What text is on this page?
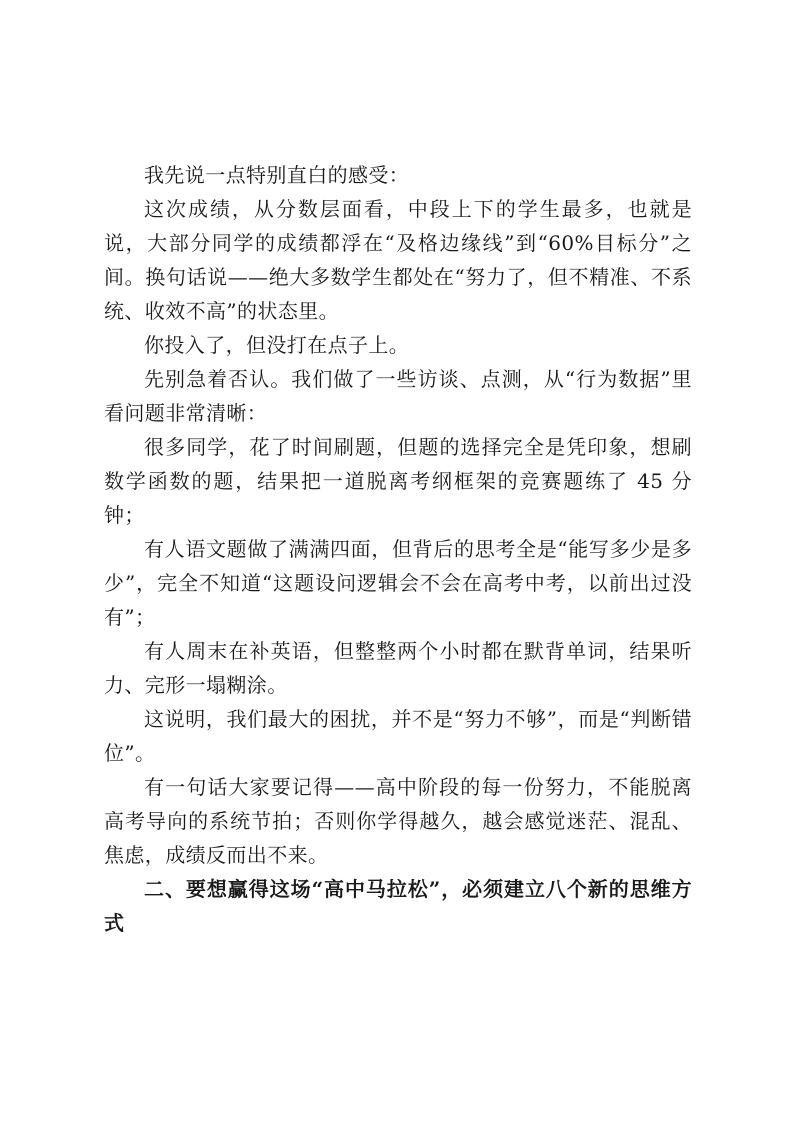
我先说一点特别直白的感受：

这次成绩，从分数层面看，中段上下的学生最多，也就是说，大部分同学的成绩都浮在“及格边缘线”到“60%目标分”之间。换句话说——绝大多数学生都处在“努力了，但不精准、不系统、收效不高”的状态里。

你投入了，但没打在点子上。

先别急着否认。我们做了一些访谈、点测，从“行为数据”里看问题非常清晰：

很多同学，花了时间刷题，但题的选择完全是凭印象，想刷数学函数的题，结果把一道脱离考纲框架的竞赛题练了 45 分钟；

有人语文题做了满满四面，但背后的思考全是“能写多少是多少”，完全不知道“这题设问逻辑会不会在高考中考，以前出过没有”；

有人周末在补英语，但整整两个小时都在默背单词，结果听力、完形一塌糊涂。

这说明，我们最大的困扰，并不是“努力不够”，而是“判断错位”。

有一句话大家要记得——高中阶段的每一份努力，不能脱离高考导向的系统节拍；否则你学得越久，越会感觉迷茫、混乱、焦虑，成绩反而出不来。

二、要想赢得这场“高中马拉松”，必须建立八个新的思维方式
